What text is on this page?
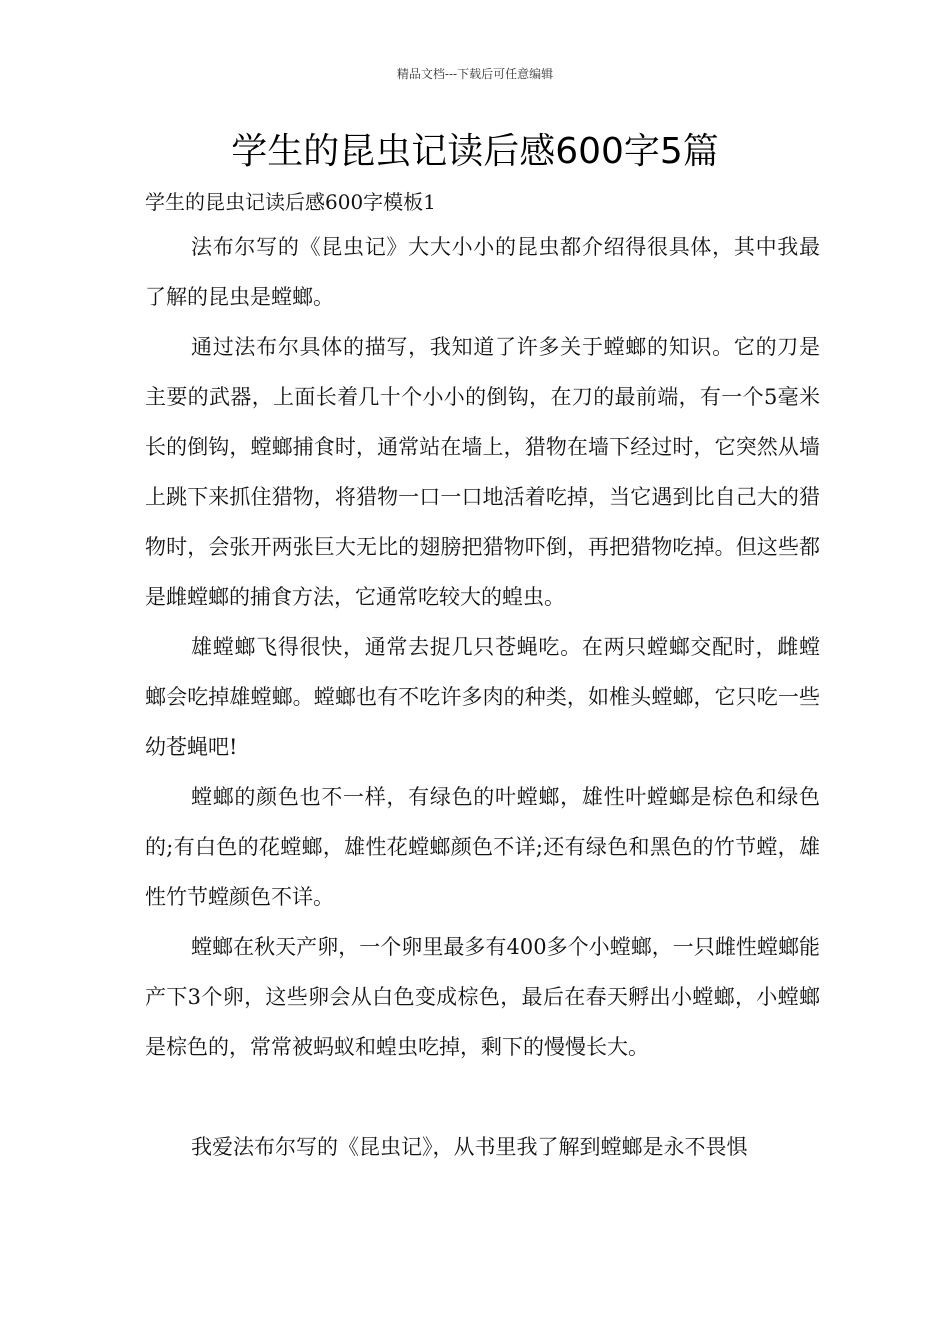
精品文档---下载后可任意编辑
学生的昆虫记读后感600字5篇

学生的昆虫记读后感600字模板1

法布尔写的《昆虫记》大大小小的昆虫都介绍得很具体，其中我最了解的昆虫是螳螂。

通过法布尔具体的描写，我知道了许多关于螳螂的知识。它的刀是主要的武器，上面长着几十个小小的倒钩，在刀的最前端，有一个5毫米长的倒钩，螳螂捕食时，通常站在墙上，猎物在墙下经过时，它突然从墙上跳下来抓住猎物，将猎物一口一口地活着吃掉，当它遇到比自己大的猎物时，会张开两张巨大无比的翅膀把猎物吓倒，再把猎物吃掉。但这些都是雌螳螂的捕食方法，它通常吃较大的蝗虫。

雄螳螂飞得很快，通常去捉几只苍蝇吃。在两只螳螂交配时，雌螳螂会吃掉雄螳螂。螳螂也有不吃许多肉的种类，如椎头螳螂，它只吃一些幼苍蝇吧!

螳螂的颜色也不一样，有绿色的叶螳螂，雄性叶螳螂是棕色和绿色的;有白色的花螳螂，雄性花螳螂颜色不详;还有绿色和黑色的竹节螳，雄性竹节螳颜色不详。

螳螂在秋天产卵，一个卵里最多有400多个小螳螂，一只雌性螳螂能产下3个卵，这些卵会从白色变成棕色，最后在春天孵出小螳螂，小螳螂是棕色的，常常被蚂蚁和蝗虫吃掉，剩下的慢慢长大。

我爱法布尔写的《昆虫记》，从书里我了解到螳螂是永不畏惧
